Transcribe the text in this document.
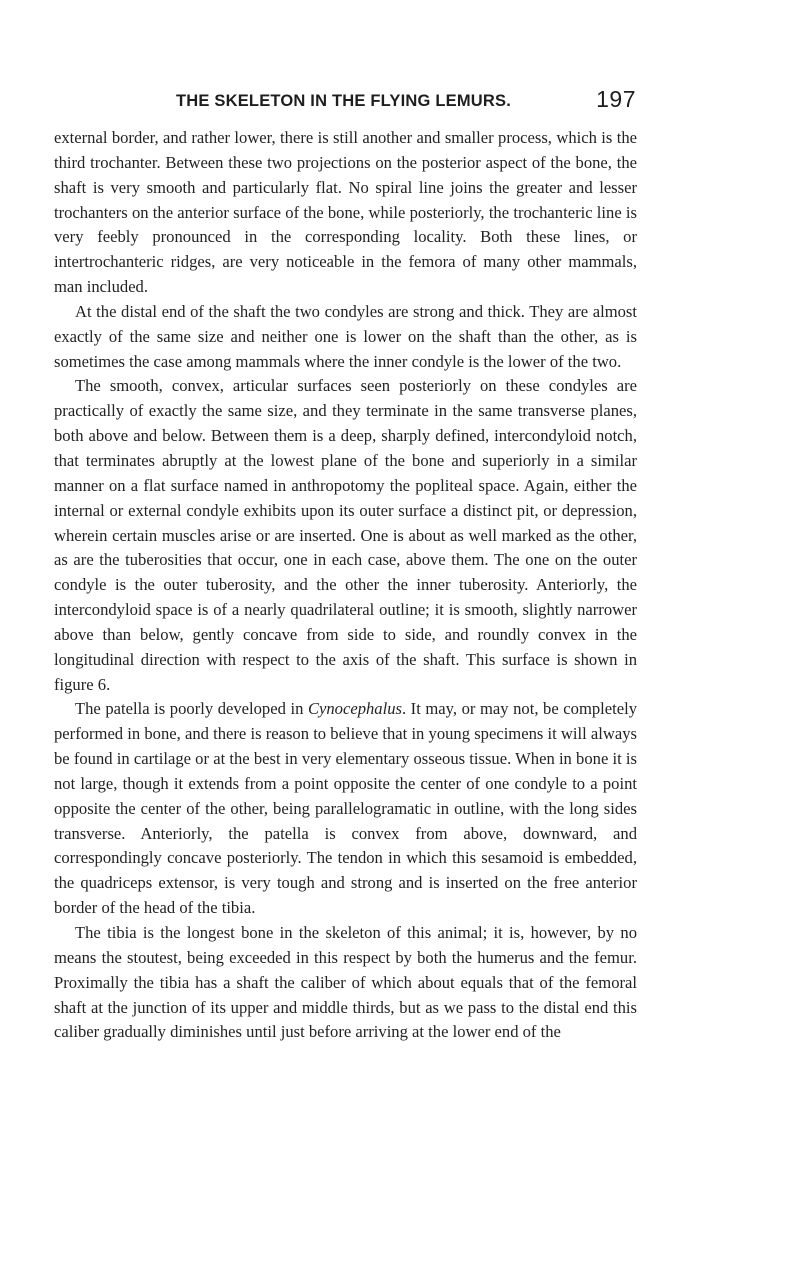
THE SKELETON IN THE FLYING LEMURS.	197

external border, and rather lower, there is still another and smaller process, which is the third trochanter. Between these two projections on the posterior aspect of the bone, the shaft is very smooth and particularly flat. No spiral line joins the greater and lesser trochanters on the anterior surface of the bone, while posteriorly, the trochanteric line is very feebly pronounced in the corresponding locality. Both these lines, or intertrochanteric ridges, are very noticeable in the femora of many other mammals, man included.

At the distal end of the shaft the two condyles are strong and thick. They are almost exactly of the same size and neither one is lower on the shaft than the other, as is sometimes the case among mammals where the inner condyle is the lower of the two.

The smooth, convex, articular surfaces seen posteriorly on these condyles are practically of exactly the same size, and they terminate in the same transverse planes, both above and below. Between them is a deep, sharply defined, intercondyloid notch, that terminates abruptly at the lowest plane of the bone and superiorly in a similar manner on a flat surface named in anthropotomy the popliteal space. Again, either the internal or external condyle exhibits upon its outer surface a distinct pit, or depression, wherein certain muscles arise or are inserted. One is about as well marked as the other, as are the tuberosities that occur, one in each case, above them. The one on the outer condyle is the outer tuberosity, and the other the inner tuberosity. Anteriorly, the intercondyloid space is of a nearly quadrilateral outline; it is smooth, slightly narrower above than below, gently concave from side to side, and roundly convex in the longitudinal direction with respect to the axis of the shaft. This surface is shown in figure 6.

The patella is poorly developed in Cynocephalus. It may, or may not, be completely performed in bone, and there is reason to believe that in young specimens it will always be found in cartilage or at the best in very elementary osseous tissue. When in bone it is not large, though it extends from a point opposite the center of one condyle to a point opposite the center of the other, being parallelogramatic in outline, with the long sides transverse. Anteriorly, the patella is convex from above, downward, and correspondingly concave posteriorly. The tendon in which this sesamoid is embedded, the quadriceps extensor, is very tough and strong and is inserted on the free anterior border of the head of the tibia.

The tibia is the longest bone in the skeleton of this animal; it is, however, by no means the stoutest, being exceeded in this respect by both the humerus and the femur. Proximally the tibia has a shaft the caliber of which about equals that of the femoral shaft at the junction of its upper and middle thirds, but as we pass to the distal end this caliber gradually diminishes until just before arriving at the lower end of the
